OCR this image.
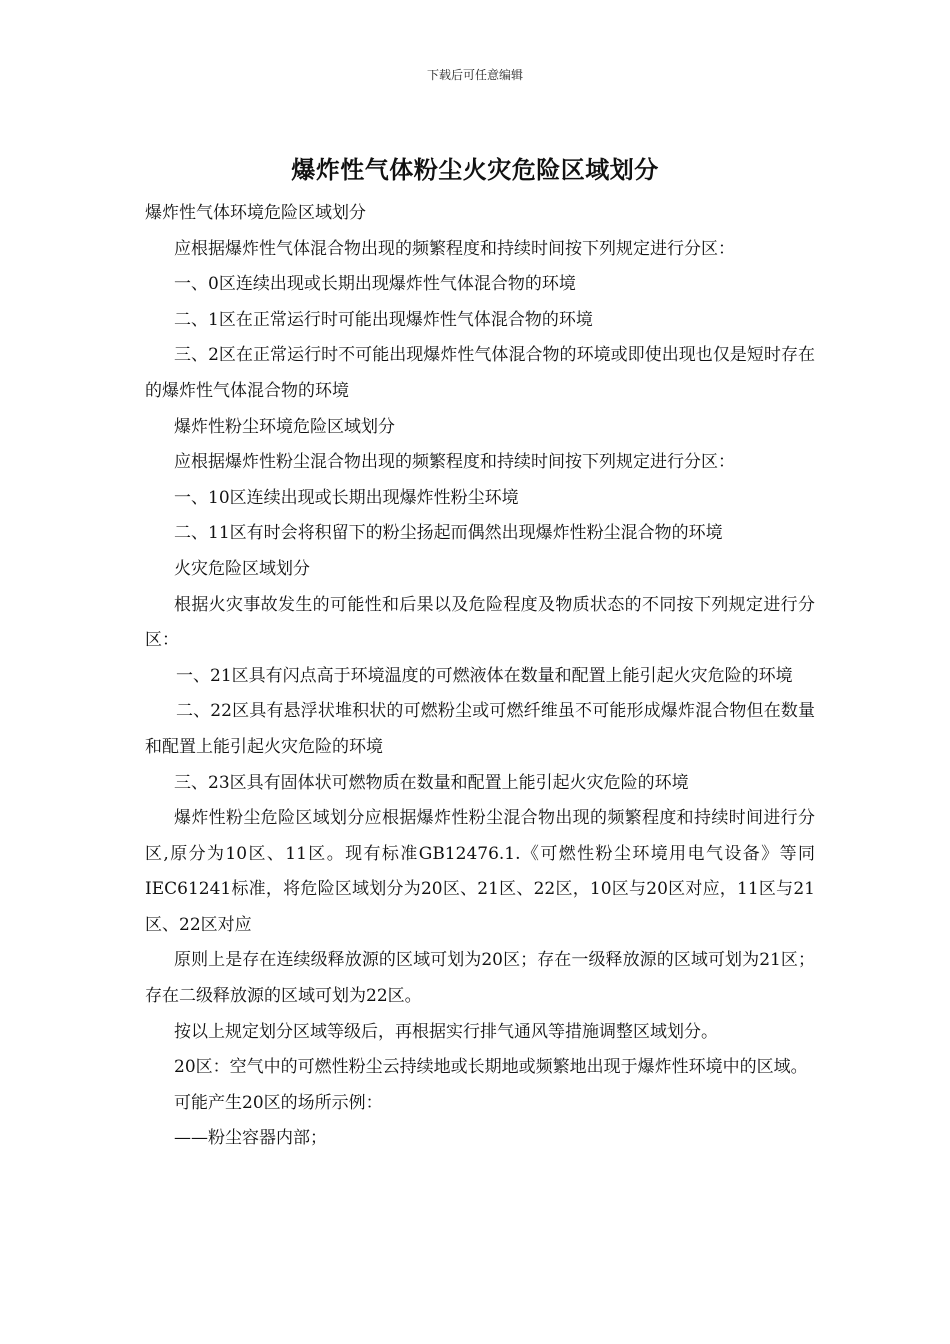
下载后可任意编辑
爆炸性气体粉尘火灾危险区域划分

爆炸性气体环境危险区域划分

应根据爆炸性气体混合物出现的频繁程度和持续时间按下列规定进行分区：

一、0区连续出现或长期出现爆炸性气体混合物的环境

二、1区在正常运行时可能出现爆炸性气体混合物的环境

三、2区在正常运行时不可能出现爆炸性气体混合物的环境或即使出现也仅是短时存在的爆炸性气体混合物的环境

爆炸性粉尘环境危险区域划分

应根据爆炸性粉尘混合物出现的频繁程度和持续时间按下列规定进行分区：

一、10区连续出现或长期出现爆炸性粉尘环境

二、11区有时会将积留下的粉尘扬起而偶然出现爆炸性粉尘混合物的环境

火灾危险区域划分

根据火灾事故发生的可能性和后果以及危险程度及物质状态的不同按下列规定进行分区：

一、21区具有闪点高于环境温度的可燃液体在数量和配置上能引起火灾危险的环境

二、22区具有悬浮状堆积状的可燃粉尘或可燃纤维虽不可能形成爆炸混合物但在数量和配置上能引起火灾危险的环境

三、23区具有固体状可燃物质在数量和配置上能引起火灾危险的环境

爆炸性粉尘危险区域划分应根据爆炸性粉尘混合物出现的频繁程度和持续时间进行分区,原分为10区、11区。现有标准GB12476.1.《可燃性粉尘环境用电气设备》等同IEC61241标准，将危险区域划分为20区、21区、22区，10区与20区对应，11区与21区、22区对应

原则上是存在连续级释放源的区域可划为20区；存在一级释放源的区域可划为21区；存在二级释放源的区域可划为22区。

按以上规定划分区域等级后，再根据实行排气通风等措施调整区域划分。

20区：空气中的可燃性粉尘云持续地或长期地或频繁地出现于爆炸性环境中的区域。

可能产生20区的场所示例：

——粉尘容器内部；
